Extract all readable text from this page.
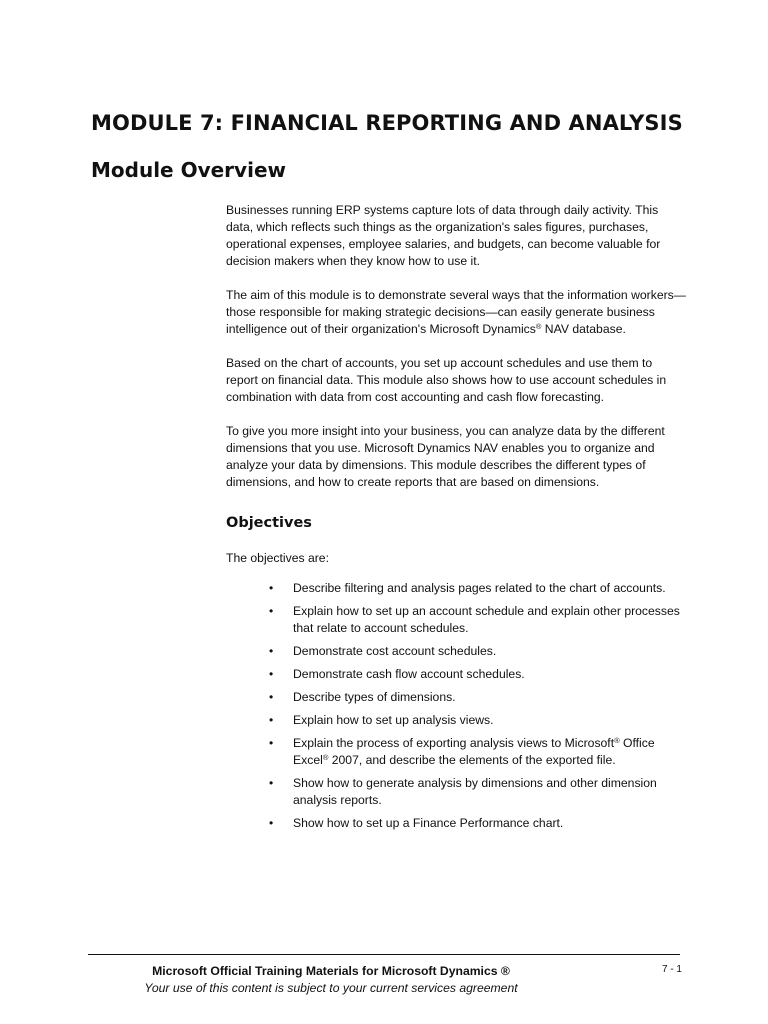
MODULE 7: FINANCIAL REPORTING AND ANALYSIS
Module Overview

Businesses running ERP systems capture lots of data through daily activity. This data, which reflects such things as the organization's sales figures, purchases, operational expenses, employee salaries, and budgets, can become valuable for decision makers when they know how to use it.

The aim of this module is to demonstrate several ways that the information workers—those responsible for making strategic decisions—can easily generate business intelligence out of their organization's Microsoft Dynamics® NAV database.

Based on the chart of accounts, you set up account schedules and use them to report on financial data. This module also shows how to use account schedules in combination with data from cost accounting and cash flow forecasting.

To give you more insight into your business, you can analyze data by the different dimensions that you use. Microsoft Dynamics NAV enables you to organize and analyze your data by dimensions. This module describes the different types of dimensions, and how to create reports that are based on dimensions.

Objectives

The objectives are:

• Describe filtering and analysis pages related to the chart of accounts.
• Explain how to set up an account schedule and explain other processes that relate to account schedules.
• Demonstrate cost account schedules.
• Demonstrate cash flow account schedules.
• Describe types of dimensions.
• Explain how to set up analysis views.
• Explain the process of exporting analysis views to Microsoft® Office Excel® 2007, and describe the elements of the exported file.
• Show how to generate analysis by dimensions and other dimension analysis reports.
• Show how to set up a Finance Performance chart.
Microsoft Official Training Materials for Microsoft Dynamics ®
Your use of this content is subject to your current services agreement
7 - 1
